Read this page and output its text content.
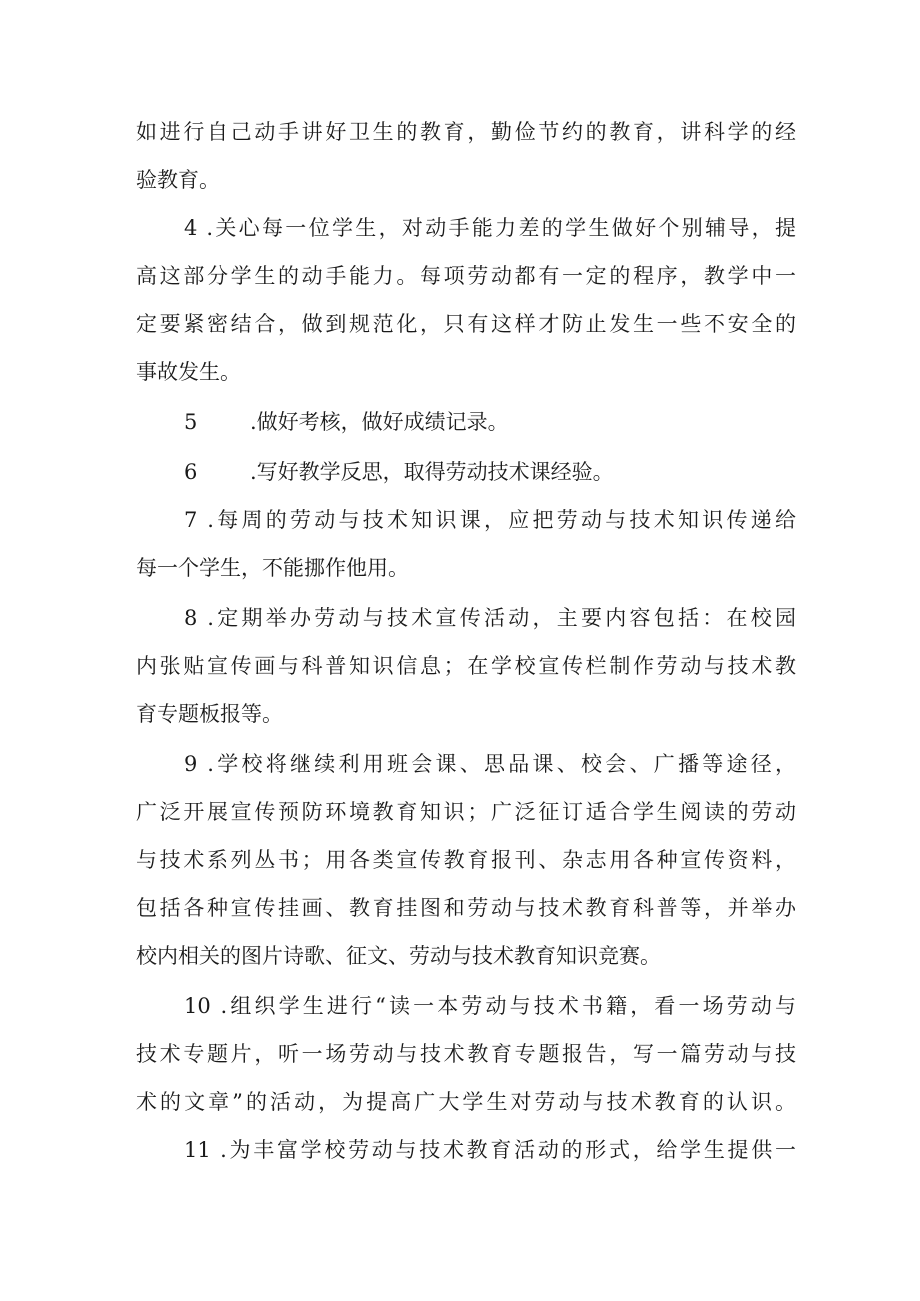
如进行自己动手讲好卫生的教育，勤俭节约的教育，讲科学的经
验教育。
4 .关心每一位学生，对动手能力差的学生做好个别辅导，提
高这部分学生的动手能力。每项劳动都有一定的程序，教学中一
定要紧密结合，做到规范化，只有这样才防止发生一些不安全的
事故发生。
5	.做好考核，做好成绩记录。
6	.写好教学反思，取得劳动技术课经验。
7 .每周的劳动与技术知识课，应把劳动与技术知识传递给
每一个学生，不能挪作他用。
8 .定期举办劳动与技术宣传活动，主要内容包括：在校园
内张贴宣传画与科普知识信息；在学校宣传栏制作劳动与技术教
育专题板报等。
9 .学校将继续利用班会课、思品课、校会、广播等途径，
广泛开展宣传预防环境教育知识；广泛征订适合学生阅读的劳动
与技术系列丛书；用各类宣传教育报刊、杂志用各种宣传资料，
包括各种宣传挂画、教育挂图和劳动与技术教育科普等，并举办
校内相关的图片诗歌、征文、劳动与技术教育知识竞赛。
10 .组织学生进行“读一本劳动与技术书籍，看一场劳动与
技术专题片，听一场劳动与技术教育专题报告，写一篇劳动与技
术的文章”的活动，为提高广大学生对劳动与技术教育的认识。
11 .为丰富学校劳动与技术教育活动的形式，给学生提供一
